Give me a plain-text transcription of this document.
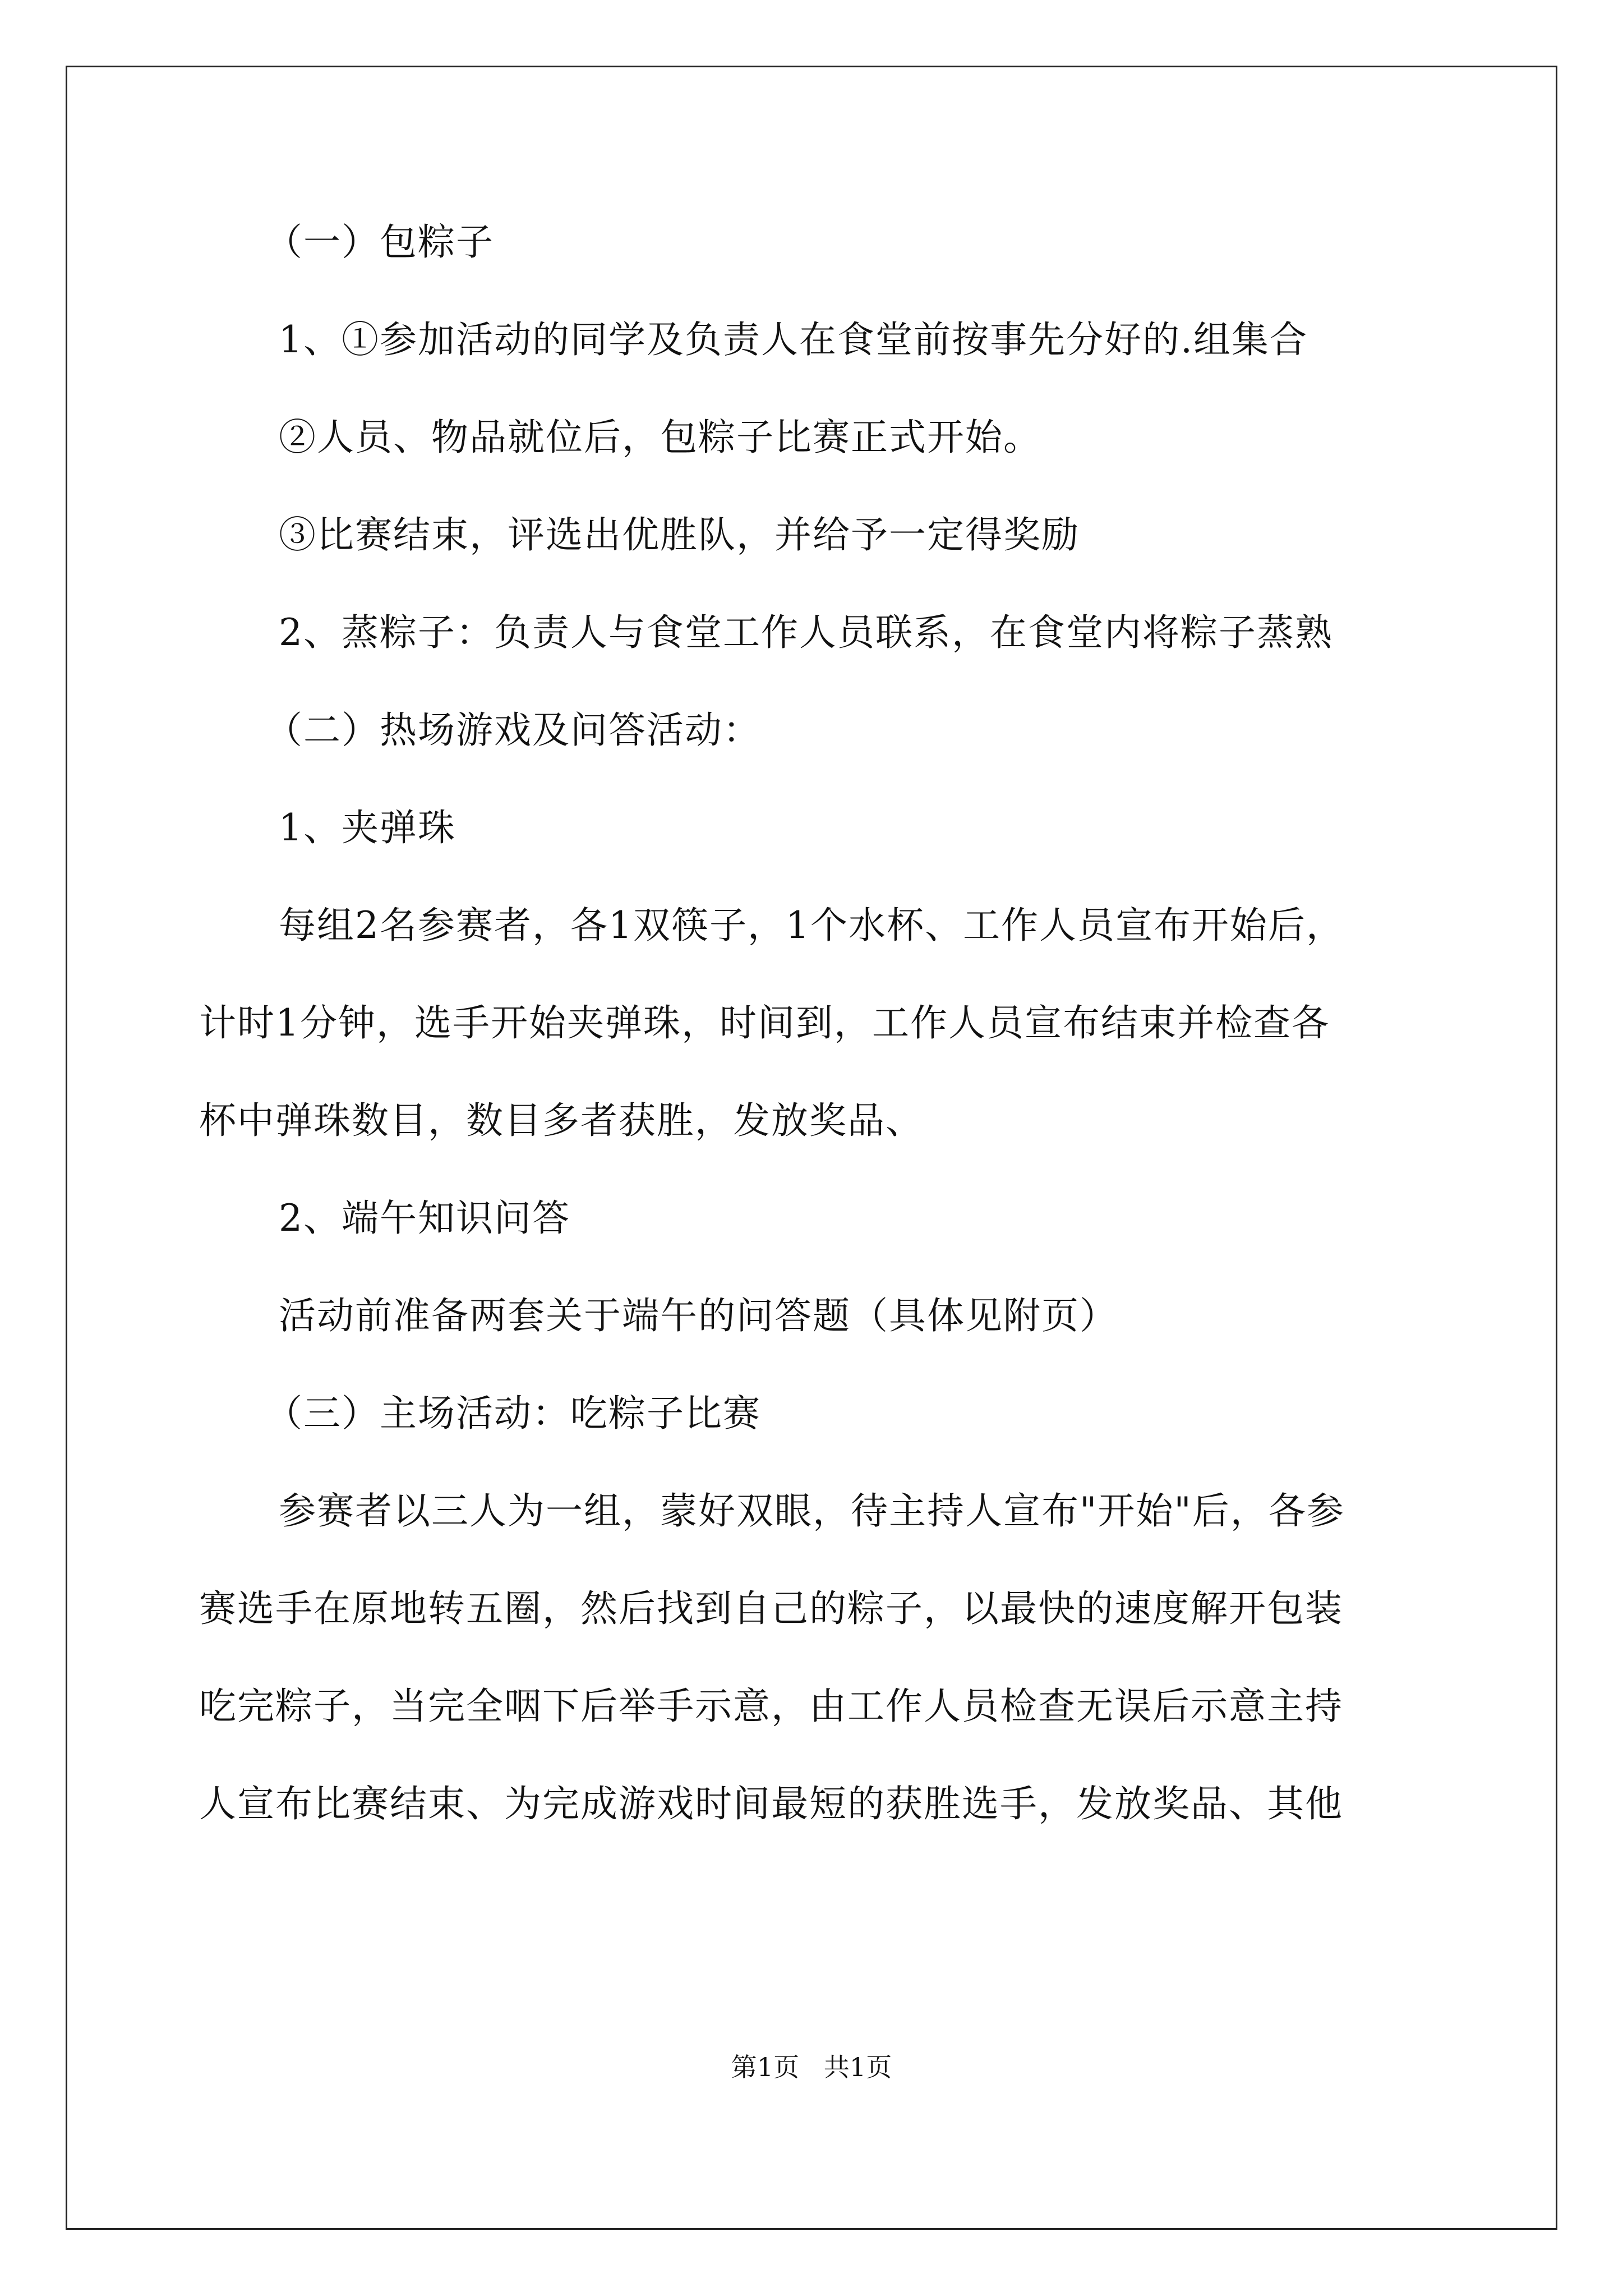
（一）包粽子
1、①参加活动的同学及负责人在食堂前按事先分好的.组集合
②人员、物品就位后，包粽子比赛正式开始。
③比赛结束，评选出优胜队，并给予一定得奖励
2、蒸粽子：负责人与食堂工作人员联系，在食堂内将粽子蒸熟
（二）热场游戏及问答活动：
1、夹弹珠
每组2名参赛者，各1双筷子，1个水杯、工作人员宣布开始后，
计时1分钟，选手开始夹弹珠，时间到，工作人员宣布结束并检查各
杯中弹珠数目，数目多者获胜，发放奖品、
2、端午知识问答
活动前准备两套关于端午的问答题（具体见附页）
（三）主场活动：吃粽子比赛
参赛者以三人为一组，蒙好双眼，待主持人宣布"开始"后，各参
赛选手在原地转五圈，然后找到自己的粽子，以最快的速度解开包装
吃完粽子，当完全咽下后举手示意，由工作人员检查无误后示意主持
人宣布比赛结束、为完成游戏时间最短的获胜选手，发放奖品、其他
第1页   共1页
